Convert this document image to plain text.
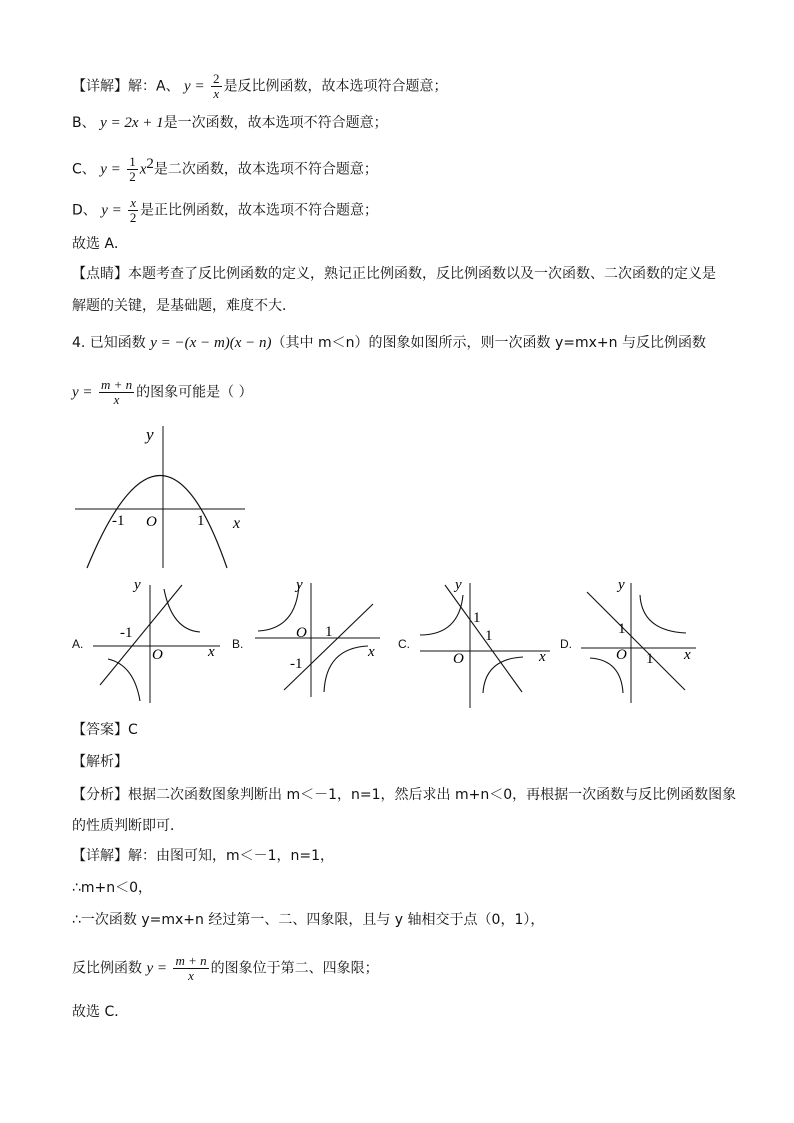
【详解】解：A、 $y = \frac{2}{x}$ 是反比例函数，故本选项符合题意；
B、 y = 2x + 1是一次函数，故本选项不符合题意；
C、 $y = \frac{1}{2} x^2$是二次函数，故本选项不符合题意；
D、 $y = \frac{x}{2}$ 是正比例函数，故本选项不符合题意；
故选 A．
【点睛】本题考查了反比例函数的定义，熟记正比例函数，反比例函数以及一次函数、二次函数的定义是
解题的关键，是基础题，难度不大．
4. 已知函数 y = −(x − m)(x − n)（其中 m＜n）的图象如图所示，则一次函数 y=mx+n 与反比例函数
$y = \frac{m + n}{x}$ 的图象可能是（ ）
y
x
O
-1	1
A.
y
x
O
-1
B.
y
x
O 1
-1
C.
y
x
O
1
1	D.
y
x
O
1
1
【答案】C
【解析】
【分析】根据二次函数图象判断出 m＜－1，n=1，然后求出 m+n＜0，再根据一次函数与反比例函数图象
的性质判断即可．
【详解】解：由图可知，m＜－1，n=1，
∴m+n＜0，
∴一次函数 y=mx+n 经过第一、二、四象限，且与 y 轴相交于点（0，1），
反比例函数 $y = \frac{m + n}{x}$ 的图象位于第二、四象限；
故选 C．
